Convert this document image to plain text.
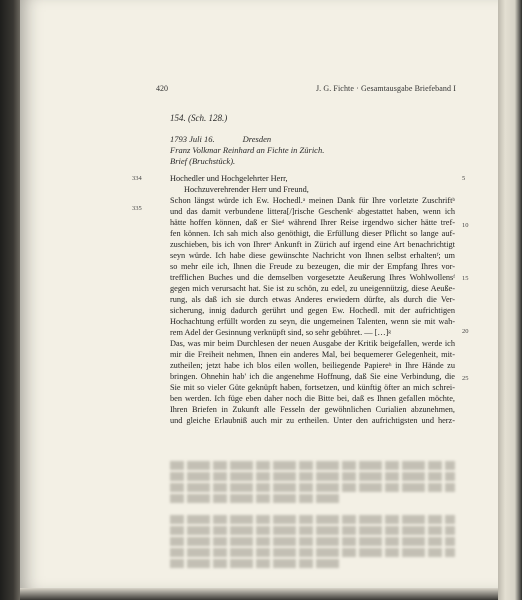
420	J. G. Fichte · Gesamtausgabe Briefeband I
154. (Sch. 128.)
1793 Juli 16.	Dresden
Franz Volkmar Reinhard an Fichte in Zürich.
Brief (Bruchstück).
334
335
5
10
15
20
25
Hochedler und Hochgelehrter Herr,
Hochzuverehrender Herr und Freund,
Schon längst würde ich Ew. Hochedl.ᵃ meinen Dank für Ihre vorletzte Zuschriftᵇ
und das damit verbundene littera[/]rische Geschenkᶜ abgestattet haben, wenn ich
hätte hoffen können, daß er Sieᵈ während Ihrer Reise irgendwo sicher hätte tref-
fen können. Ich sah mich also genöthigt, die Erfüllung dieser Pflicht so lange auf-
zuschieben, bis ich von Ihrerᵉ Ankunft in Zürich auf irgend eine Art benachrichtigt
seyn würde. Ich habe diese gewünschte Nachricht von Ihnen selbst erhaltenᶠ; um
so mehr eile ich, Ihnen die Freude zu bezeugen, die mir der Empfang Ihres vor-
trefflichen Buches und die demselben vorgesetzte Aeußerung Ihres Wohlwollensᶠ
gegen mich verursacht hat. Sie ist zu schön, zu edel, zu uneigennützig, diese Aeuße-
rung, als daß ich sie durch etwas Anderes erwiedern dürfte, als durch die Ver-
sicherung, innig dadurch gerührt und gegen Ew. Hochedl. mit der aufrichtigen
Hochachtung erfüllt worden zu seyn, die ungemeinen Talenten, wenn sie mit wah-
rem Adel der Gesinnung verknüpft sind, so sehr gebühret. — […]ᵍ
Das, was mir beim Durchlesen der neuen Ausgabe der Kritik beigefallen, werde ich
mir die Freiheit nehmen, Ihnen ein anderes Mal, bei bequemerer Gelegenheit, mit-
zutheilen; jetzt habe ich blos eilen wollen, beiliegende Papiereʰ in Ihre Hände zu
bringen. Ohnehin hab' ich die angenehme Hoffnung, daß Sie eine Verbindung, die
Sie mit so vieler Güte geknüpft haben, fortsetzen, und künftig öfter an mich schrei-
ben werden. Ich füge eben daher noch die Bitte bei, daß es Ihnen gefallen möchte,
Ihren Briefen in Zukunft alle Fesseln der gewöhnlichen Curialien abzunehmen,
und gleiche Erlaubniß auch mir zu ertheilen. Unter den aufrichtigsten und herz-
